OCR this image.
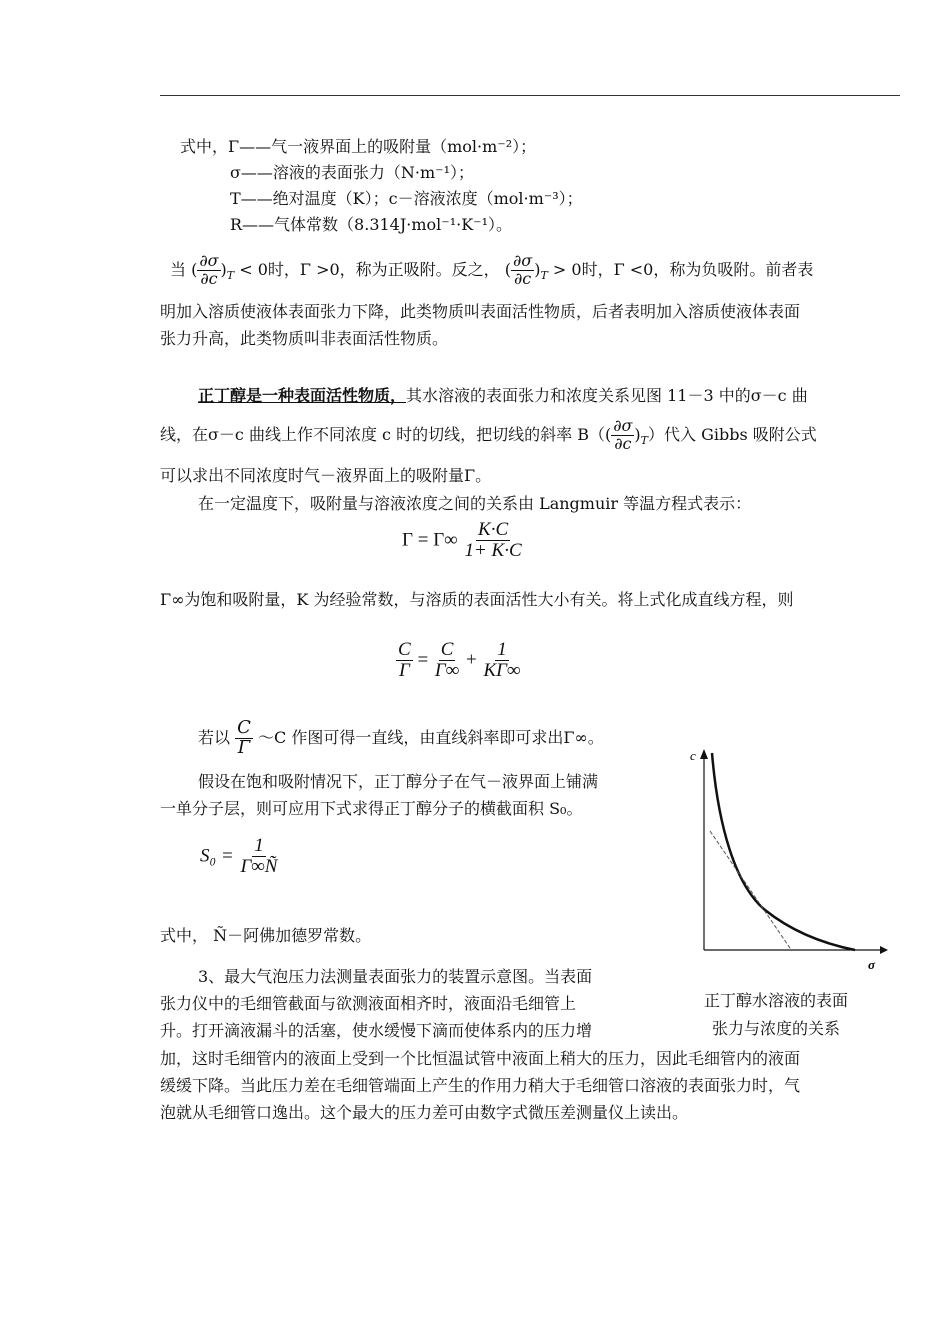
式中，Γ——气一液界面上的吸附量（mol·m⁻²）；
σ——溶液的表面张力（N·m⁻¹）；
T——绝对温度（K）；c－溶液浓度（mol·m⁻³）；
R——气体常数（8.314J·mol⁻¹·K⁻¹）。
当 ( $\frac{\partial\sigma}{\partial c} )_T < 0$时，Γ >0，称为正吸附。反之， ( $\frac{\partial\sigma}{\partial c} )_T > 0$时，Γ <0，称为负吸附。前者表
明加入溶质使液体表面张力下降，此类物质叫表面活性物质，后者表明加入溶质使液体表面
张力升高，此类物质叫非表面活性物质。
正丁醇是一种表面活性物质，其水溶液的表面张力和浓度关系见图 11－3 中的σ－c 曲
线，在σ－c 曲线上作不同浓度 c 时的切线，把切线的斜率 $B(( \frac{\partial\sigma}{\partial c} )_T)$代入 Gibbs 吸附公式
可以求出不同浓度时气－液界面上的吸附量Γ。
在一定温度下，吸附量与溶液浓度之间的关系由 Langmuir 等温方程式表示：
$\Gamma = \Gamma\infty \frac{K\cdot C}{1+ K\cdot C}$
Γ∞为饱和吸附量，K 为经验常数，与溶质的表面活性大小有关。将上式化成直线方程，则
$\frac{C}{\Gamma} = \frac{C}{\Gamma\infty} + \frac{1}{K\Gamma\infty}$
若以 $\frac{C}{\Gamma}$ ～C 作图可得一直线，由直线斜率即可求出Γ∞。
假设在饱和吸附情况下，正丁醇分子在气－液界面上铺满
一单分子层，则可应用下式求得正丁醇分子的横截面积 S₀。
$S_0 = \frac{1}{\Gamma\infty Ñ}$
式中， Ñ－阿佛加德罗常数。
3、最大气泡压力法测量表面张力的装置示意图。当表面
张力仪中的毛细管截面与欲测液面相齐时，液面沿毛细管上
升。打开滴液漏斗的活塞，使水缓慢下滴而使体系内的压力增
加，这时毛细管内的液面上受到一个比恒温试管中液面上稍大的压力，因此毛细管内的液面
缓缓下降。当此压力差在毛细管端面上产生的作用力稍大于毛细管口溶液的表面张力时，气
泡就从毛细管口逸出。这个最大的压力差可由数字式微压差测量仪上读出。
c
σ
正丁醇水溶液的表面
张力与浓度的关系
